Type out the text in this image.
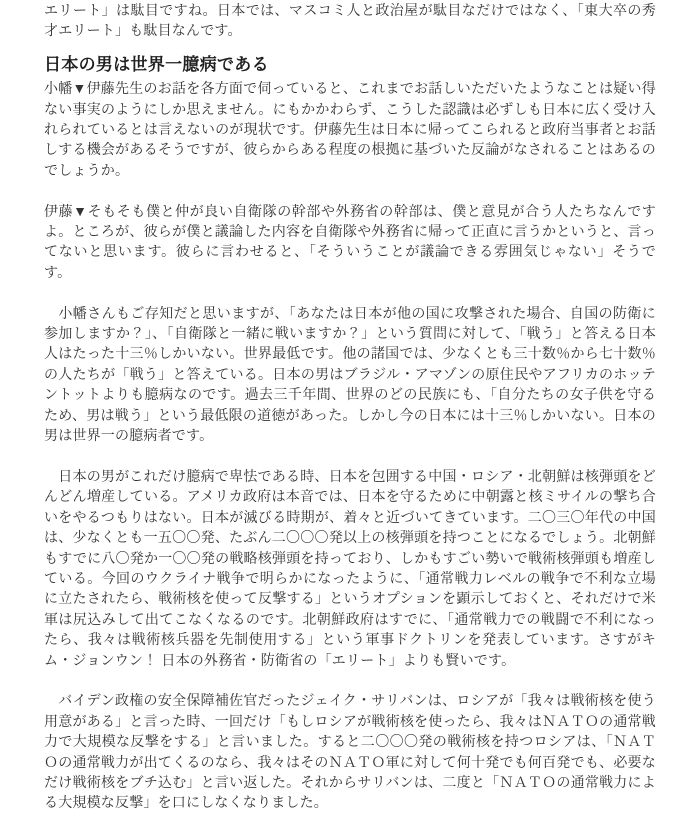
エリート」は駄目ですね。日本では、マスコミ人と政治屋が駄目なだけではなく、「東大卒の秀才エリート」も駄目なんです。

日本の男は世界一臆病である

小幡▼伊藤先生のお話を各方面で伺っていると、これまでお話しいただいたようなことは疑い得ない事実のようにしか思えません。にもかかわらず、こうした認識は必ずしも日本に広く受け入れられているとは言えないのが現状です。伊藤先生は日本に帰ってこられると政府当事者とお話しする機会があるそうですが、彼らからある程度の根拠に基づいた反論がなされることはあるのでしょうか。

伊藤▼そもそも僕と仲が良い自衛隊の幹部や外務省の幹部は、僕と意見が合う人たちなんですよ。ところが、彼らが僕と議論した内容を自衛隊や外務省に帰って正直に言うかというと、言ってないと思います。彼らに言わせると、「そういうことが議論できる雰囲気じゃない」そうです。

　小幡さんもご存知だと思いますが、「あなたは日本が他の国に攻撃された場合、自国の防衛に参加しますか？」、「自衛隊と一緒に戦いますか？」という質問に対して、「戦う」と答える日本人はたった十三％しかいない。世界最低です。他の諸国では、少なくとも三十数％から七十数％の人たちが「戦う」と答えている。日本の男はブラジル・アマゾンの原住民やアフリカのホッテントットよりも臆病なのです。過去三千年間、世界のどの民族にも、「自分たちの女子供を守るため、男は戦う」という最低限の道徳があった。しかし今の日本には十三％しかいない。日本の男は世界一の臆病者です。

　日本の男がこれだけ臆病で卑怯である時、日本を包囲する中国・ロシア・北朝鮮は核弾頭をどんどん増産している。アメリカ政府は本音では、日本を守るために中朝露と核ミサイルの撃ち合いをやるつもりはない。日本が滅びる時期が、着々と近づいてきています。二〇三〇年代の中国は、少なくとも一五〇〇発、たぶん二〇〇〇発以上の核弾頭を持つことになるでしょう。北朝鮮もすでに八〇発か一〇〇発の戦略核弾頭を持っており、しかもすごい勢いで戦術核弾頭も増産している。今回のウクライナ戦争で明らかになったように、「通常戦力レベルの戦争で不利な立場に立たされたら、戦術核を使って反撃する」というオプションを顕示しておくと、それだけで米軍は尻込みして出てこなくなるのです。北朝鮮政府はすでに、「通常戦力での戦闘で不利になったら、我々は戦術核兵器を先制使用する」という軍事ドクトリンを発表しています。さすがキム・ジョンウン！ 日本の外務省・防衛省の「エリート」よりも賢いです。

　バイデン政権の安全保障補佐官だったジェイク・サリバンは、ロシアが「我々は戦術核を使う用意がある」と言った時、一回だけ「もしロシアが戦術核を使ったら、我々はＮＡＴＯの通常戦力で大規模な反撃をする」と言いました。すると二〇〇〇発の戦術核を持つロシアは、「ＮＡＴＯの通常戦力が出てくるのなら、我々はそのＮＡＴＯ軍に対して何十発でも何百発でも、必要なだけ戦術核をブチ込む」と言い返した。それからサリバンは、二度と「ＮＡＴＯの通常戦力による大規模な反撃」を口にしなくなりました。
